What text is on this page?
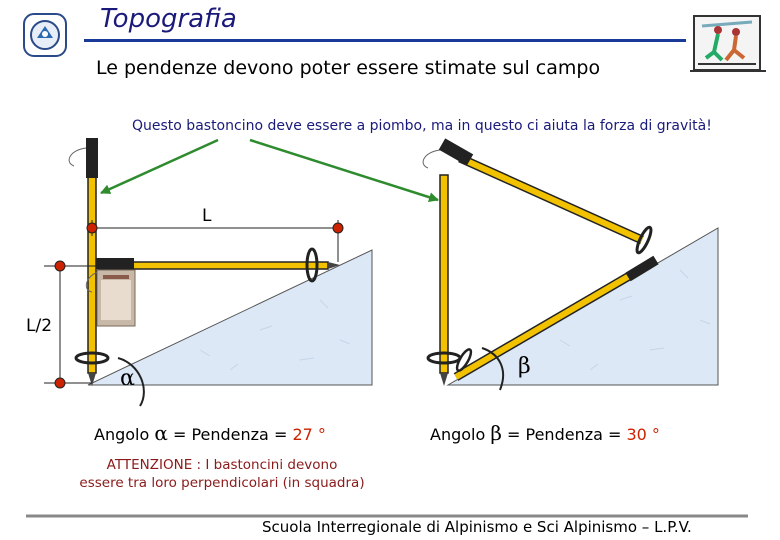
Topografia
Le pendenze devono poter essere stimate sul campo
Questo bastoncino deve essere a piombo, ma in questo ci aiuta la forza di gravità!
L
L/2
α	β
Angolo α = Pendenza = 27 °	Angolo β = Pendenza = 30 °
ATTENZIONE : I bastoncini devono
essere tra loro perpendicolari (in squadra)
Scuola Interregionale di Alpinismo e Sci Alpinismo – L.P.V.
